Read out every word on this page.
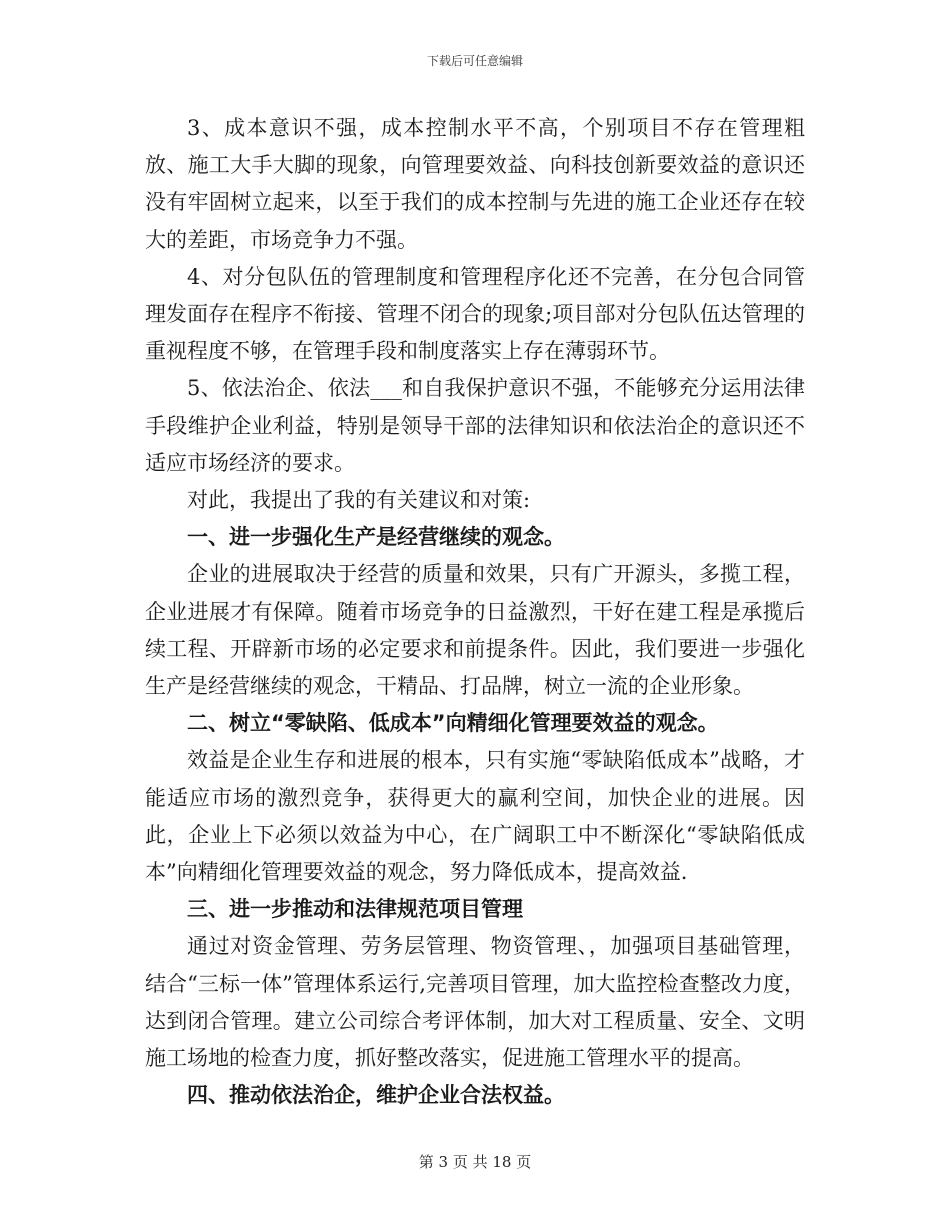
下载后可任意编辑

3、成本意识不强，成本控制水平不高，个别项目不存在管理粗放、施工大手大脚的现象，向管理要效益、向科技创新要效益的意识还没有牢固树立起来，以至于我们的成本控制与先进的施工企业还存在较大的差距，市场竞争力不强。

4、对分包队伍的管理制度和管理程序化还不完善，在分包合同管理发面存在程序不衔接、管理不闭合的现象;项目部对分包队伍达管理的重视程度不够，在管理手段和制度落实上存在薄弱环节。

5、依法治企、依法___和自我保护意识不强，不能够充分运用法律手段维护企业利益，特别是领导干部的法律知识和依法治企的意识还不适应市场经济的要求。

对此，我提出了我的有关建议和对策:

一、进一步强化生产是经营继续的观念。

企业的进展取决于经营的质量和效果，只有广开源头，多揽工程，企业进展才有保障。随着市场竞争的日益激烈，干好在建工程是承揽后续工程、开辟新市场的必定要求和前提条件。因此，我们要进一步强化生产是经营继续的观念，干精品、打品牌，树立一流的企业形象。

二、树立“零缺陷、低成本”向精细化管理要效益的观念。

效益是企业生存和进展的根本，只有实施“零缺陷低成本”战略，才能适应市场的激烈竞争，获得更大的赢利空间，加快企业的进展。因此，企业上下必须以效益为中心，在广阔职工中不断深化“零缺陷低成本”向精细化管理要效益的观念，努力降低成本，提高效益.

三、进一步推动和法律规范项目管理

通过对资金管理、劳务层管理、物资管理、，加强项目基础管理，结合“三标一体”管理体系运行,完善项目管理，加大监控检查整改力度，达到闭合管理。建立公司综合考评体制，加大对工程质量、安全、文明施工场地的检查力度，抓好整改落实，促进施工管理水平的提高。

四、推动依法治企，维护企业合法权益。

第 3 页 共 18 页
